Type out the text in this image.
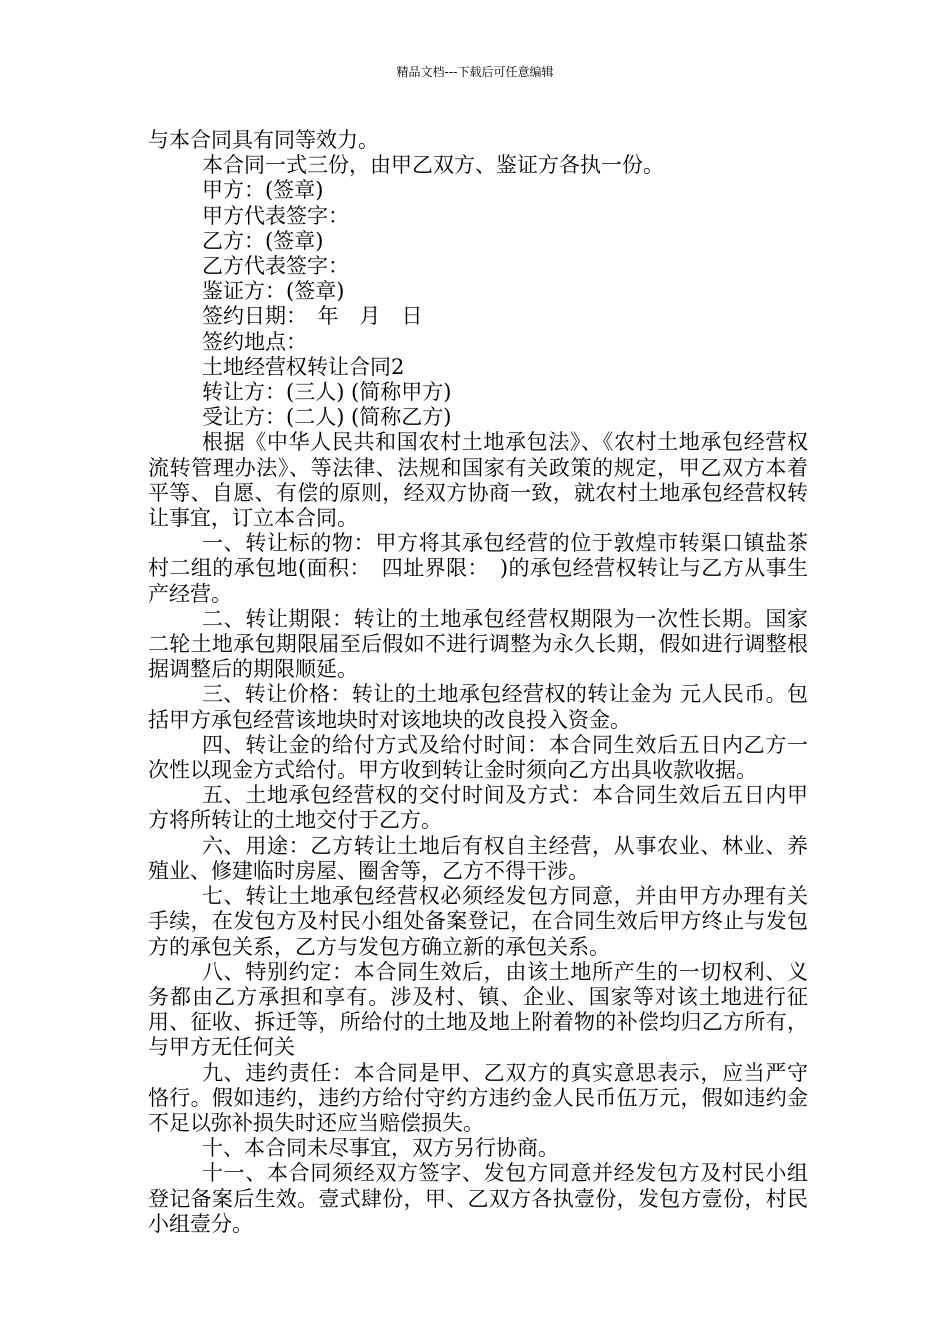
精品文档---下载后可任意编辑

与本合同具有同等效力。

本合同一式三份，由甲乙双方、鉴证方各执一份。

甲方：(签章)

甲方代表签字：

乙方：(签章)

乙方代表签字：

鉴证方：(签章)

签约日期：　年　月　日

签约地点：

土地经营权转让合同2

转让方：(三人) (简称甲方)

受让方：(二人) (简称乙方)

根据《中华人民共和国农村土地承包法》、《农村土地承包经营权流转管理办法》、等法律、法规和国家有关政策的规定，甲乙双方本着平等、自愿、有偿的原则，经双方协商一致，就农村土地承包经营权转让事宜，订立本合同。

一、转让标的物：甲方将其承包经营的位于敦煌市转渠口镇盐茶村二组的承包地(面积：　四址界限：　)的承包经营权转让与乙方从事生产经营。

二、转让期限：转让的土地承包经营权期限为一次性长期。国家二轮土地承包期限届至后假如不进行调整为永久长期，假如进行调整根据调整后的期限顺延。

三、转让价格：转让的土地承包经营权的转让金为 元人民币。包括甲方承包经营该地块时对该地块的改良投入资金。

四、转让金的给付方式及给付时间：本合同生效后五日内乙方一次性以现金方式给付。甲方收到转让金时须向乙方出具收款收据。

五、土地承包经营权的交付时间及方式：本合同生效后五日内甲方将所转让的土地交付于乙方。

六、用途：乙方转让土地后有权自主经营，从事农业、林业、养殖业、修建临时房屋、圈舍等，乙方不得干涉。

七、转让土地承包经营权必须经发包方同意，并由甲方办理有关手续，在发包方及村民小组处备案登记，在合同生效后甲方终止与发包方的承包关系，乙方与发包方确立新的承包关系。

八、特别约定：本合同生效后，由该土地所产生的一切权利、义务都由乙方承担和享有。涉及村、镇、企业、国家等对该土地进行征用、征收、拆迁等，所给付的土地及地上附着物的补偿均归乙方所有，与甲方无任何关

九、违约责任：本合同是甲、乙双方的真实意思表示，应当严守恪行。假如违约，违约方给付守约方违约金人民币伍万元，假如违约金不足以弥补损失时还应当赔偿损失。

十、本合同未尽事宜，双方另行协商。

十一、本合同须经双方签字、发包方同意并经发包方及村民小组登记备案后生效。壹式肆份，甲、乙双方各执壹份，发包方壹份，村民小组壹分。
